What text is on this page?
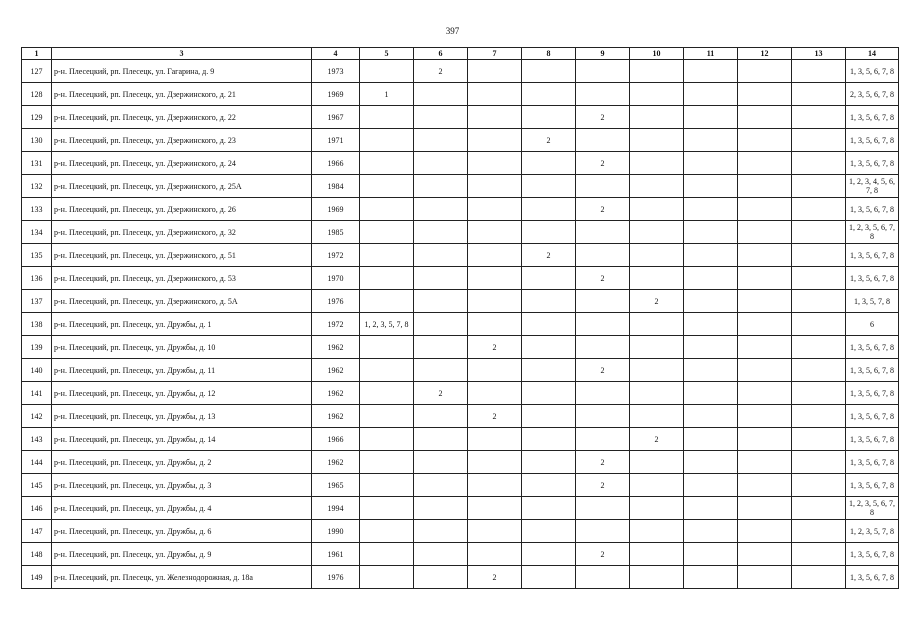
397
1	3	4	5	6	7	8	9	10	11	12	13	14
127	р-н. Плесецкий, рп. Плесецк, ул. Гагарина, д. 9	1973		2								1, 3, 5, 6, 7, 8
128	р-н. Плесецкий, рп. Плесецк, ул. Дзержинского, д. 21	1969	1									2, 3, 5, 6, 7, 8
129	р-н. Плесецкий, рп. Плесецк, ул. Дзержинского, д. 22	1967					2					1, 3, 5, 6, 7, 8
130	р-н. Плесецкий, рп. Плесецк, ул. Дзержинского, д. 23	1971				2						1, 3, 5, 6, 7, 8
131	р-н. Плесецкий, рп. Плесецк, ул. Дзержинского, д. 24	1966					2					1, 3, 5, 6, 7, 8
132	р-н. Плесецкий, рп. Плесецк, ул. Дзержинского, д. 25А	1984										1, 2, 3, 4, 5, 6, 7, 8
133	р-н. Плесецкий, рп. Плесецк, ул. Дзержинского, д. 26	1969					2					1, 3, 5, 6, 7, 8
134	р-н. Плесецкий, рп. Плесецк, ул. Дзержинского, д. 32	1985										1, 2, 3, 5, 6, 7, 8
135	р-н. Плесецкий, рп. Плесецк, ул. Дзержинского, д. 51	1972				2						1, 3, 5, 6, 7, 8
136	р-н. Плесецкий, рп. Плесецк, ул. Дзержинского, д. 53	1970					2					1, 3, 5, 6, 7, 8
137	р-н. Плесецкий, рп. Плесецк, ул. Дзержинского, д. 5А	1976						2				1, 3, 5, 7, 8
138	р-н. Плесецкий, рп. Плесецк, ул. Дружбы, д. 1	1972	1, 2, 3, 5, 7, 8									6
139	р-н. Плесецкий, рп. Плесецк, ул. Дружбы, д. 10	1962			2							1, 3, 5, 6, 7, 8
140	р-н. Плесецкий, рп. Плесецк, ул. Дружбы, д. 11	1962					2					1, 3, 5, 6, 7, 8
141	р-н. Плесецкий, рп. Плесецк, ул. Дружбы, д. 12	1962		2								1, 3, 5, 6, 7, 8
142	р-н. Плесецкий, рп. Плесецк, ул. Дружбы, д. 13	1962			2							1, 3, 5, 6, 7, 8
143	р-н. Плесецкий, рп. Плесецк, ул. Дружбы, д. 14	1966						2				1, 3, 5, 6, 7, 8
144	р-н. Плесецкий, рп. Плесецк, ул. Дружбы, д. 2	1962					2					1, 3, 5, 6, 7, 8
145	р-н. Плесецкий, рп. Плесецк, ул. Дружбы, д. 3	1965					2					1, 3, 5, 6, 7, 8
146	р-н. Плесецкий, рп. Плесецк, ул. Дружбы, д. 4	1994										1, 2, 3, 5, 6, 7, 8
147	р-н. Плесецкий, рп. Плесецк, ул. Дружбы, д. 6	1990										1, 2, 3, 5, 7, 8
148	р-н. Плесецкий, рп. Плесецк, ул. Дружбы, д. 9	1961					2					1, 3, 5, 6, 7, 8
149	р-н. Плесецкий, рп. Плесецк, ул. Железнодорожная, д. 18а	1976			2							1, 3, 5, 6, 7, 8
